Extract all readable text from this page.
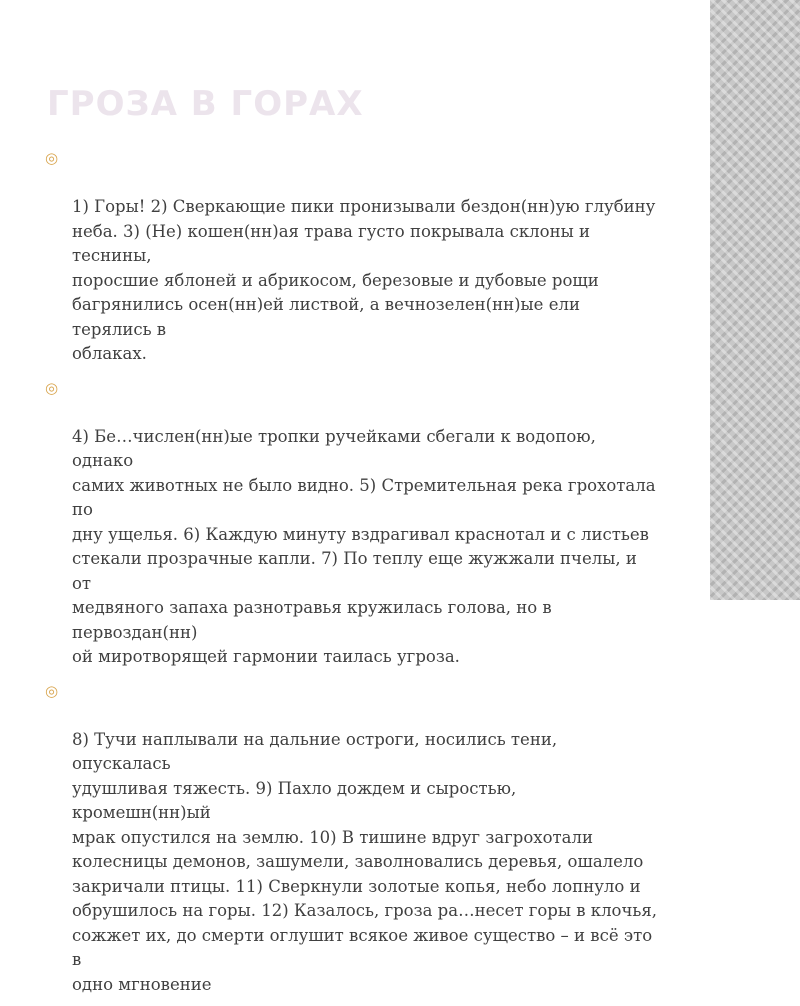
ГРОЗА В ГОРАХ

◎

1) Горы! 2) Сверкающие пики пронизывали бездон(нн)ую глубину
неба. 3) (Не) кошен(нн)ая трава густо покрывала склоны и теснины,
поросшие яблоней и абрикосом, березовые и дубовые рощи
багрянились осен(нн)ей листвой, а вечнозелен(нн)ые ели терялись в
облаках.

◎

4) Бе…числен(нн)ые тропки ручейками сбегали к водопою, однако
самих животных не было видно. 5) Стремительная река грохотала по
дну ущелья. 6) Каждую минуту вздрагивал краснотал и с листьев
стекали прозрачные капли. 7) По теплу еще жужжали пчелы, и от
медвяного запаха разнотравья кружилась голова, но в первоздан(нн)
ой миротворящей гармонии таилась угроза.

◎

8) Тучи наплывали на дальние остроги, носились тени, опускалась
удушливая тяжесть. 9) Пахло дождем и сыростью, кромешн(нн)ый
мрак опустился на землю. 10) В тишине вдруг загрохотали
колесницы демонов, зашумели, заволновались деревья, ошалело
закричали птицы. 11) Сверкнули золотые копья, небо лопнуло и
обрушилось на горы. 12) Казалось, гроза ра…несет горы в клочья,
сожжет их, до смерти оглушит всякое живое существо – и всё это в
одно мгновение
